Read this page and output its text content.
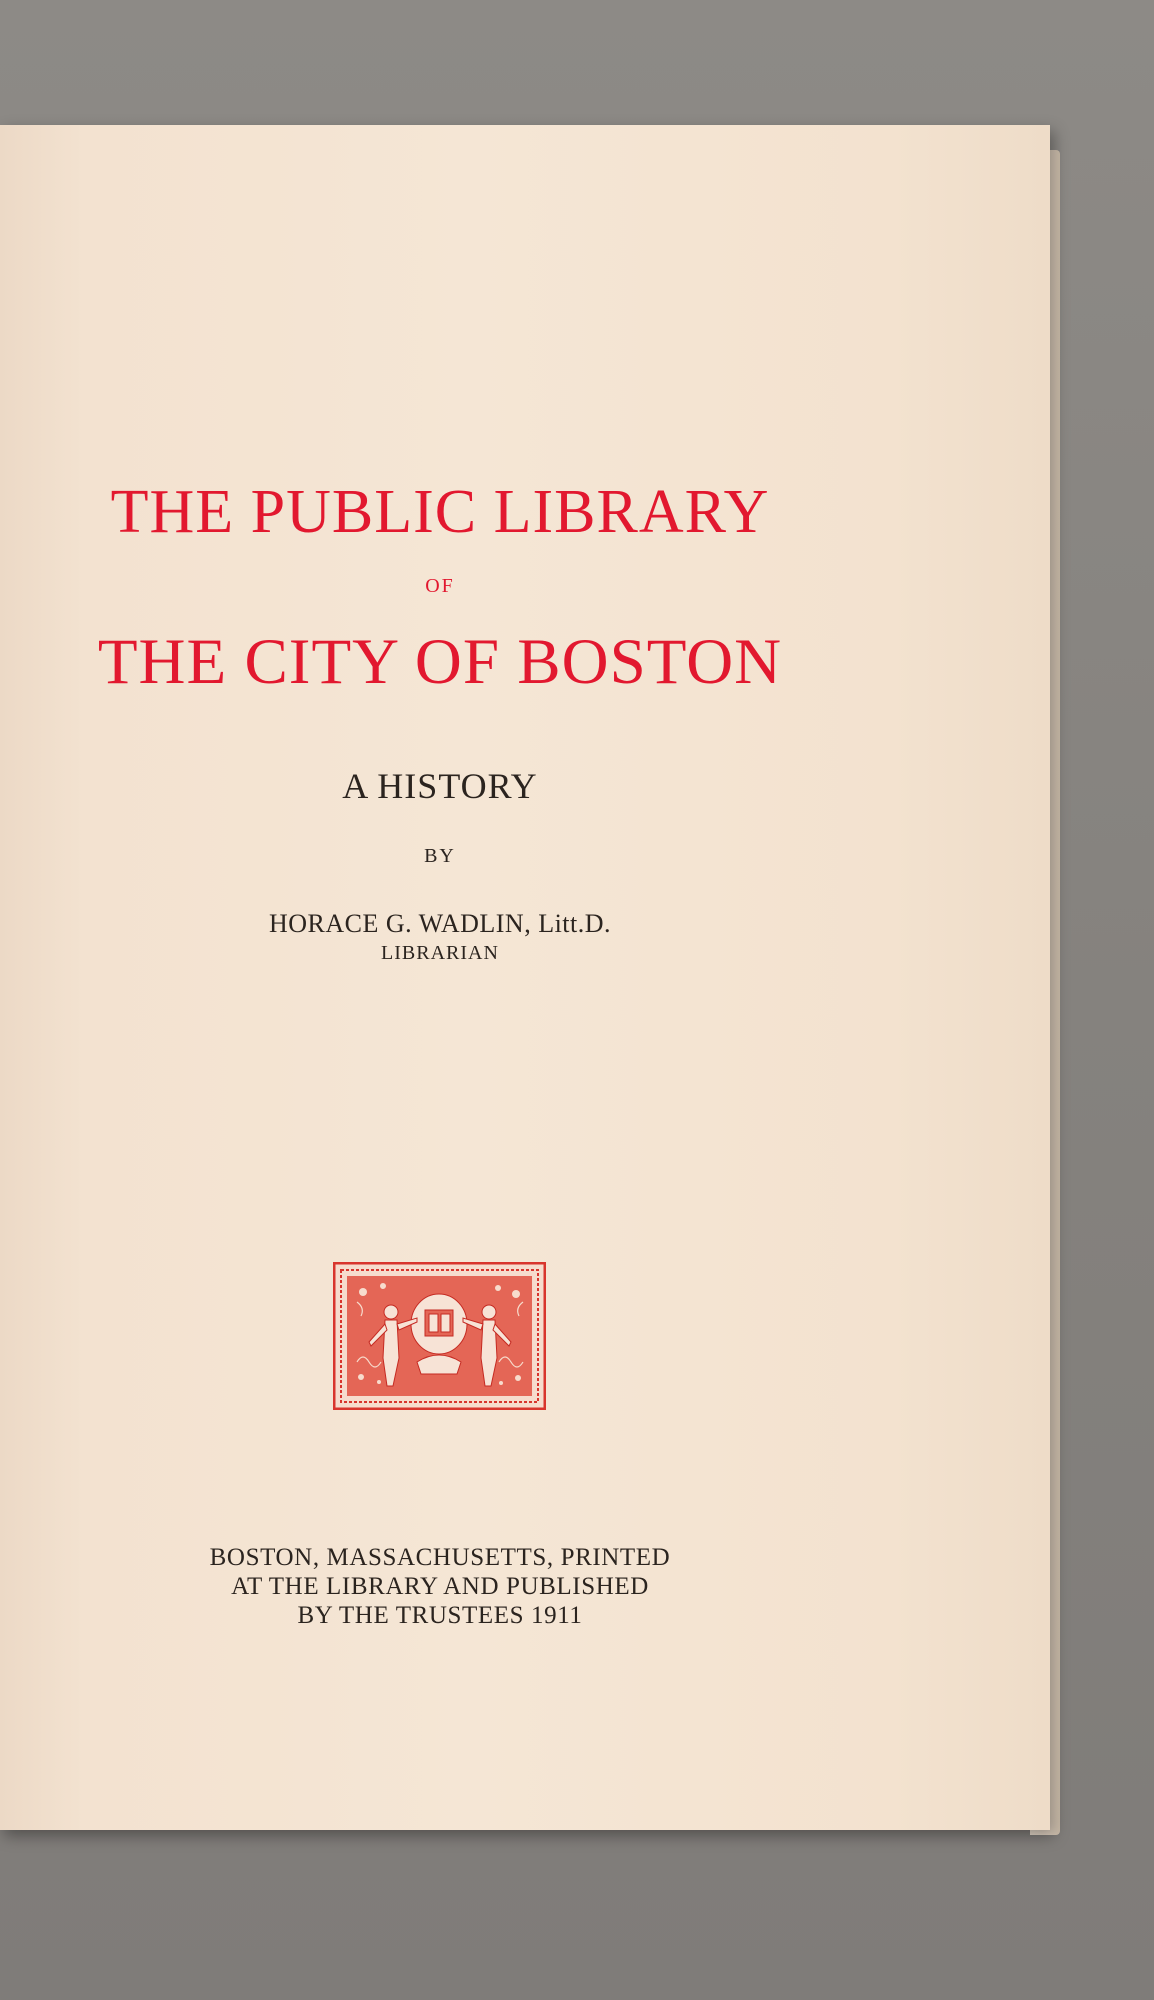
THE PUBLIC LIBRARY
OF
THE CITY OF BOSTON
A HISTORY
BY
HORACE G. WADLIN, Litt.D.
LIBRARIAN
BOSTON, MASSACHUSETTS, PRINTED
AT THE LIBRARY AND PUBLISHED
BY THE TRUSTEES 1911
